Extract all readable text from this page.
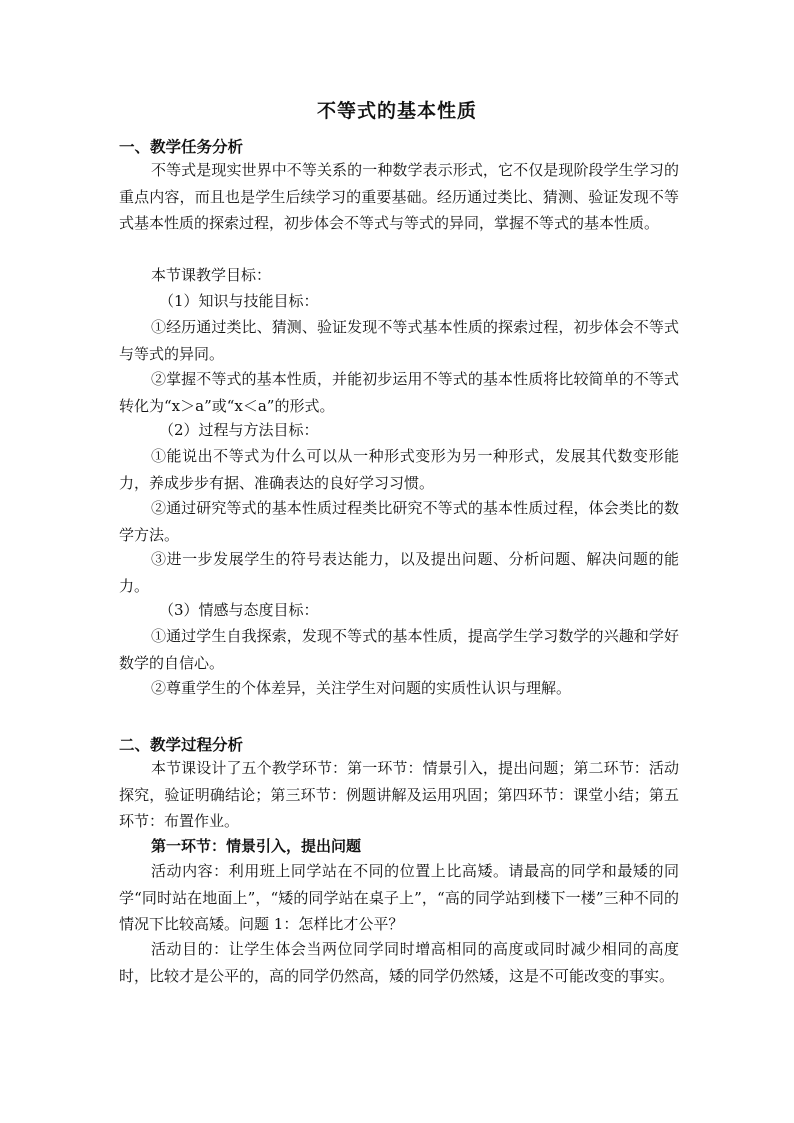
不等式的基本性质
一、教学任务分析

不等式是现实世界中不等关系的一种数学表示形式，它不仅是现阶段学生学习的重点内容，而且也是学生后续学习的重要基础。经历通过类比、猜测、验证发现不等式基本性质的探索过程，初步体会不等式与等式的异同，掌握不等式的基本性质。

本节课教学目标：

（1）知识与技能目标：

①经历通过类比、猜测、验证发现不等式基本性质的探索过程，初步体会不等式与等式的异同。

②掌握不等式的基本性质，并能初步运用不等式的基本性质将比较简单的不等式转化为“x＞a”或“x＜a”的形式。

（2）过程与方法目标：

①能说出不等式为什么可以从一种形式变形为另一种形式，发展其代数变形能力，养成步步有据、准确表达的良好学习习惯。

②通过研究等式的基本性质过程类比研究不等式的基本性质过程，体会类比的数学方法。

③进一步发展学生的符号表达能力，以及提出问题、分析问题、解决问题的能力。

（3）情感与态度目标：

①通过学生自我探索，发现不等式的基本性质，提高学生学习数学的兴趣和学好数学的自信心。

②尊重学生的个体差异，关注学生对问题的实质性认识与理解。

二、教学过程分析

本节课设计了五个教学环节：第一环节：情景引入，提出问题；第二环节：活动探究，验证明确结论；第三环节：例题讲解及运用巩固；第四环节：课堂小结；第五环节：布置作业。

第一环节：情景引入，提出问题

活动内容：利用班上同学站在不同的位置上比高矮。请最高的同学和最矮的同学“同时站在地面上”，“矮的同学站在桌子上”，“高的同学站到楼下一楼”三种不同的情况下比较高矮。问题 1：怎样比才公平？

活动目的：让学生体会当两位同学同时增高相同的高度或同时减少相同的高度时，比较才是公平的，高的同学仍然高，矮的同学仍然矮，这是不可能改变的事实。
